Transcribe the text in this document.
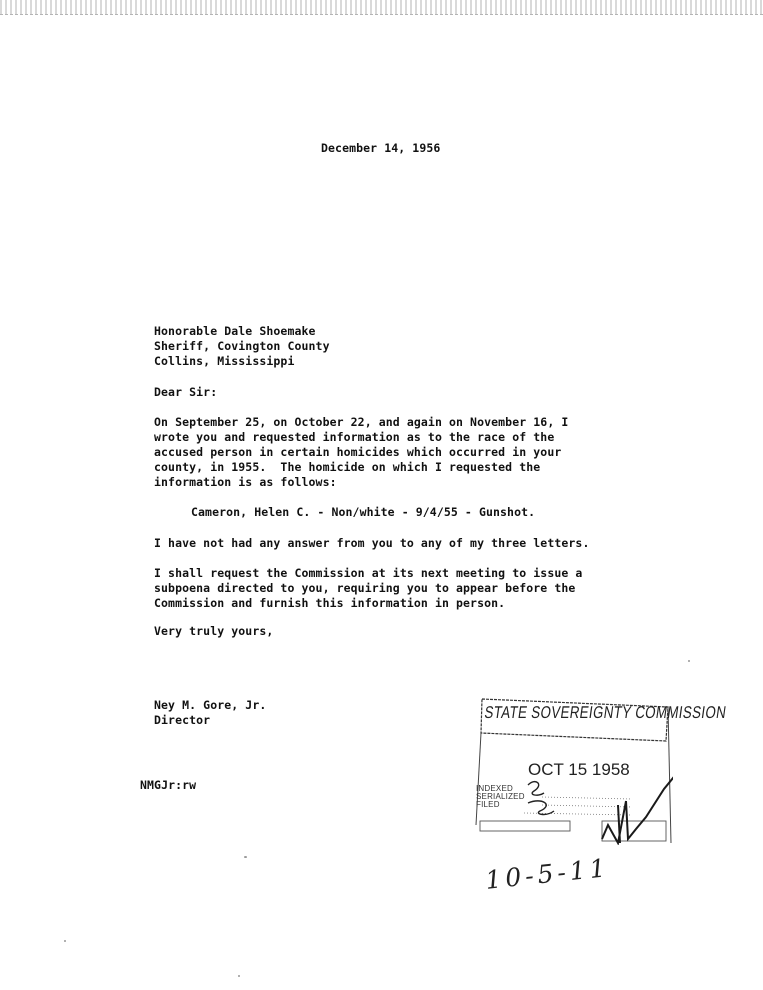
December 14, 1956
Honorable Dale Shoemake
Sheriff, Covington County
Collins, Mississippi
Dear Sir:
On September 25, on October 22, and again on November 16, I
wrote you and requested information as to the race of the
accused person in certain homicides which occurred in your
county, in 1955.  The homicide on which I requested the
information is as follows:
Cameron, Helen C. - Non/white - 9/4/55 - Gunshot.
I have not had any answer from you to any of my three letters.
I shall request the Commission at its next meeting to issue a
subpoena directed to you, requiring you to appear before the
Commission and furnish this information in person.
Very truly yours,
Ney M. Gore, Jr.
Director
NMGJr:rw
STATE SOVEREIGNTY COMMISSION
OCT 15 1958
INDEXED
SERIALIZED
FILED
10-5-11
